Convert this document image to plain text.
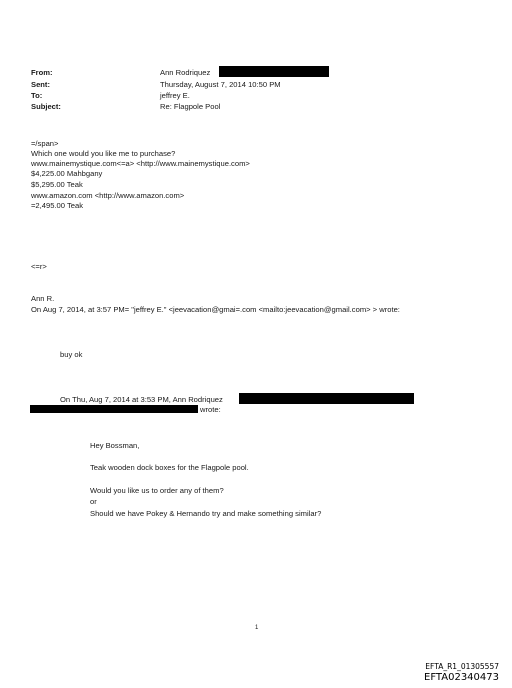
From:	Ann Rodriquez
Sent:	Thursday, August 7, 2014 10:50 PM
To:	jeffrey E.
Subject:	Re: Flagpole Pool
=/span>
Which one would you like me to purchase?
www.mainemystique.com<=a> <http://www.mainemystique.com>
$4,225.00 Mahbgany
$5,295.00 Teak
www.amazon.com <http://www.amazon.com>
=2,495.00 Teak
<=r>
Ann R.
On Aug 7, 2014, at 3:57 PM= "jeffrey E." <jeevacation@gmai=.com <mailto:jeevacation@gmail.com> > wrote:
buy ok
On Thu, Aug 7, 2014 at 3:53 PM, Ann Rodriquez
wrote:
Hey Bossman,
Teak wooden dock boxes for the Flagpole pool.
Would you like us to order any of them?
or
Should we have Pokey & Hernando try and make something similar?
1
EFTA_R1_01305557
EFTA02340473
